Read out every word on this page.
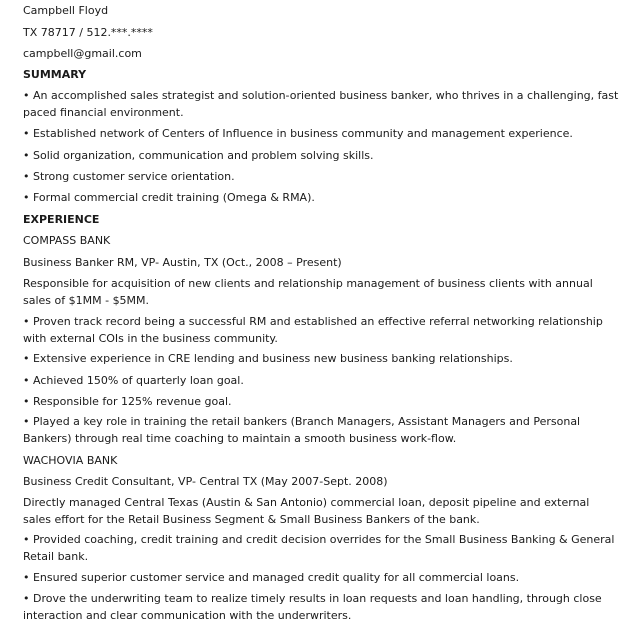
Campbell Floyd
TX 78717 / 512.***.****
campbell@gmail.com
SUMMARY
• An accomplished sales strategist and solution-oriented business banker, who thrives in a challenging, fast
paced financial environment.
• Established network of Centers of Influence in business community and management experience.
• Solid organization, communication and problem solving skills.
• Strong customer service orientation.
• Formal commercial credit training (Omega & RMA).
EXPERIENCE
COMPASS BANK
Business Banker RM, VP- Austin, TX (Oct., 2008 – Present)
Responsible for acquisition of new clients and relationship management of business clients with annual
sales of $1MM - $5MM.
• Proven track record being a successful RM and established an effective referral networking relationship
with external COIs in the business community.
• Extensive experience in CRE lending and business new business banking relationships.
• Achieved 150% of quarterly loan goal.
• Responsible for 125% revenue goal.
• Played a key role in training the retail bankers (Branch Managers, Assistant Managers and Personal
Bankers) through real time coaching to maintain a smooth business work-flow.
WACHOVIA BANK
Business Credit Consultant, VP- Central TX (May 2007-Sept. 2008)
Directly managed Central Texas (Austin & San Antonio) commercial loan, deposit pipeline and external
sales effort for the Retail Business Segment & Small Business Bankers of the bank.
• Provided coaching, credit training and credit decision overrides for the Small Business Banking & General
Retail bank.
• Ensured superior customer service and managed credit quality for all commercial loans.
• Drove the underwriting team to realize timely results in loan requests and loan handling, through close
interaction and clear communication with the underwriters.
